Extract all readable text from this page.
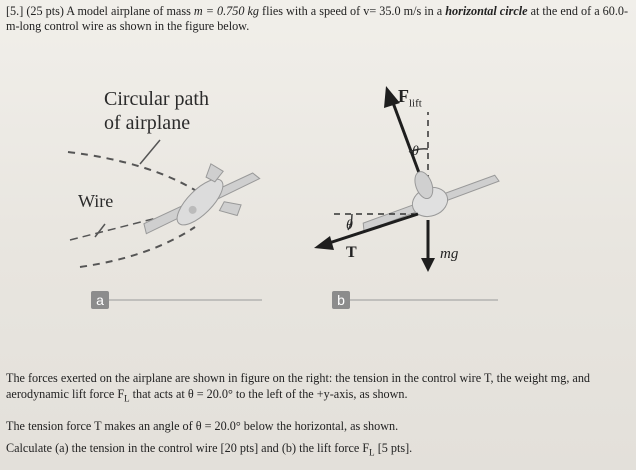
[5.] (25 pts) A model airplane of mass m = 0.750 kg flies with a speed of v= 35.0 m/s in a horizontal circle at the end of a 60.0-m-long control wire as shown in the figure below.
Circular path
of airplane
Wire
$F_{lift}$
θ
θ
T	mg
a	b
The forces exerted on the airplane are shown in figure on the right: the tension in the control wire T, the weight mg, and aerodynamic lift force $F_L$ that acts at θ = 20.0° to the left of the +y-axis, as shown.
The tension force T makes an angle of θ = 20.0° below the horizontal, as shown.
Calculate (a) the tension in the control wire [20 pts] and (b) the lift force $F_L$ [5 pts].
